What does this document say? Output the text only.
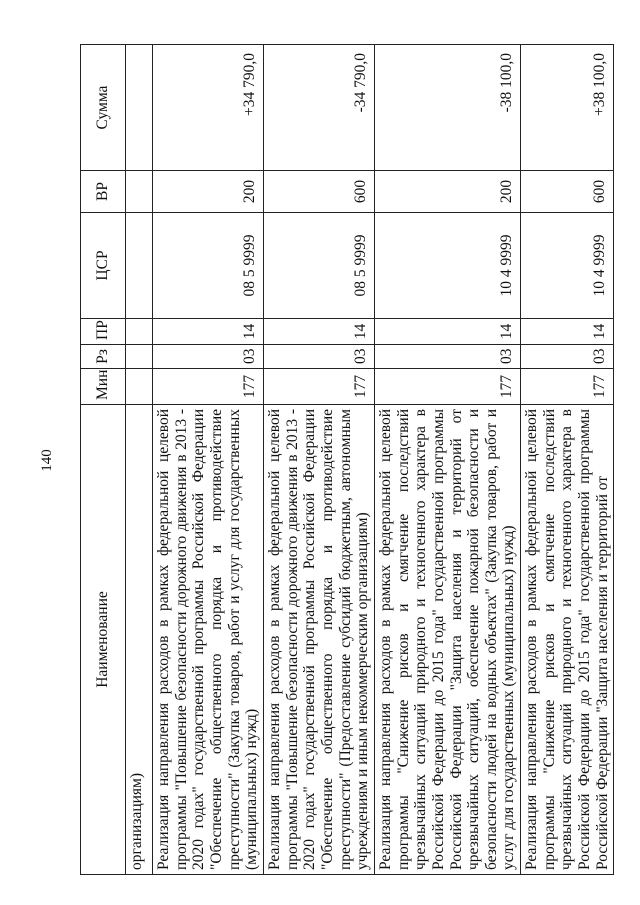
140
Наименование	Мин	Рз	ПР	ЦСР	ВР	Сумма
организациям)						
Реализация направления расходов в рамках федеральной целевой программы "Повышение безопасности дорожного движения в 2013 - 2020 годах" государственной программы Российской Федерации "Обеспечение общественного порядка и противодействие преступности" (Закупка товаров, работ и услуг для государственных (муниципальных) нужд)	177	03	14	08 5 9999	200	+34 790,0
Реализация направления расходов в рамках федеральной целевой программы "Повышение безопасности дорожного движения в 2013 - 2020 годах" государственной программы Российской Федерации "Обеспечение общественного порядка и противодействие преступности" (Предоставление субсидий бюджетным, автономным учреждениям и иным некоммерческим организациям)	177	03	14	08 5 9999	600	-34 790,0
Реализация направления расходов в рамках федеральной целевой программы "Снижение рисков и смягчение последствий чрезвычайных ситуаций природного и техногенного характера в Российской Федерации до 2015 года" государственной программы Российской Федерации "Защита населения и территорий от чрезвычайных ситуаций, обеспечение пожарной безопасности и безопасности людей на водных объектах" (Закупка товаров, работ и услуг для государственных (муниципальных) нужд)	177	03	14	10 4 9999	200	-38 100,0
Реализация направления расходов в рамках федеральной целевой программы "Снижение рисков и смягчение последствий чрезвычайных ситуаций природного и техногенного характера в Российской Федерации до 2015 года" государственной программы Российской Федерации "Защита населения и территорий от	177	03	14	10 4 9999	600	+38 100,0
